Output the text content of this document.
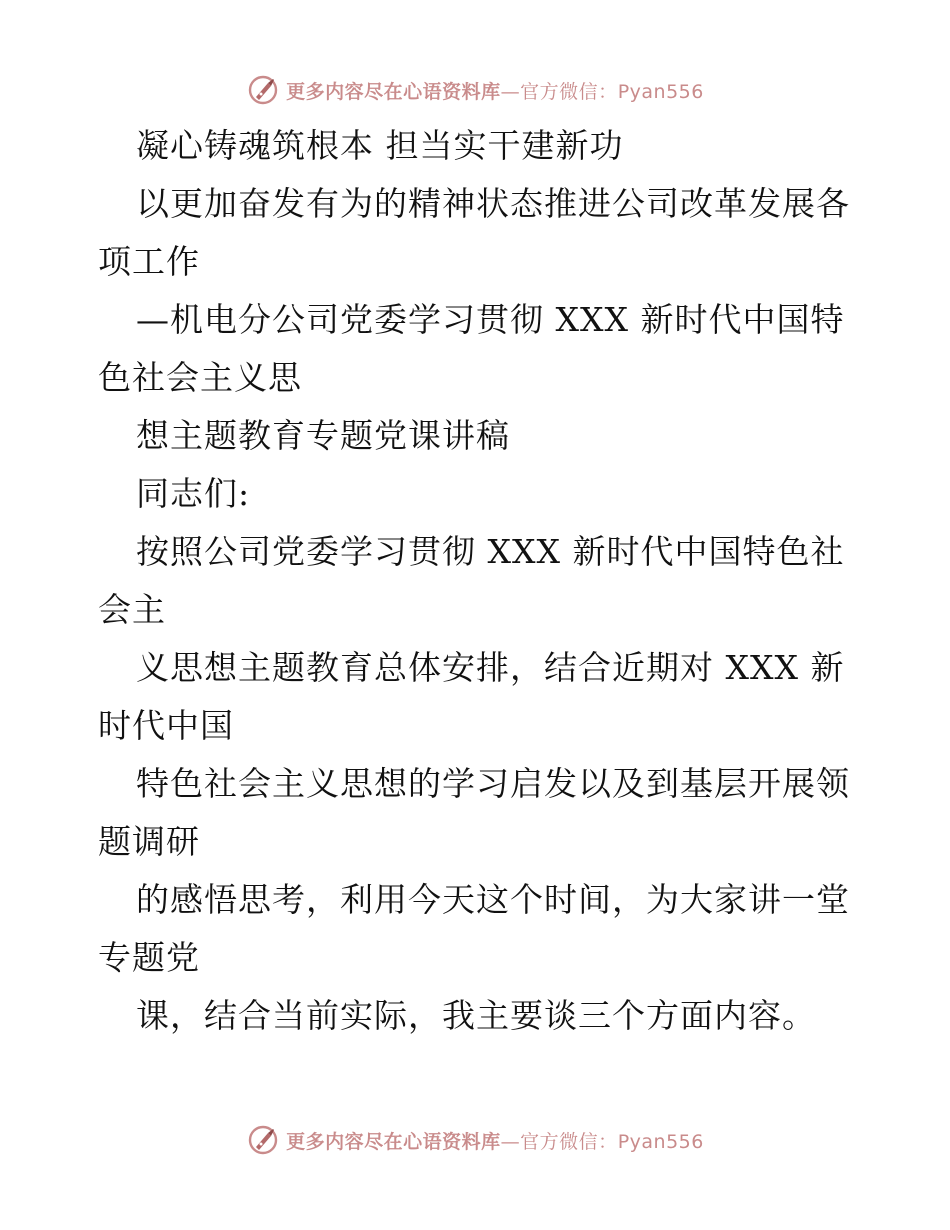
更多内容尽在心语资料库—官方微信：Pyan556

凝心铸魂筑根本 担当实干建新功

以更加奋发有为的精神状态推进公司改革发展各项工作

—机电分公司党委学习贯彻 XXX 新时代中国特色社会主义思

想主题教育专题党课讲稿

同志们:

按照公司党委学习贯彻 XXX 新时代中国特色社会主

义思想主题教育总体安排，结合近期对 XXX 新时代中国

特色社会主义思想的学习启发以及到基层开展领题调研

的感悟思考，利用今天这个时间，为大家讲一堂专题党

课，结合当前实际，我主要谈三个方面内容。

更多内容尽在心语资料库—官方微信：Pyan556
